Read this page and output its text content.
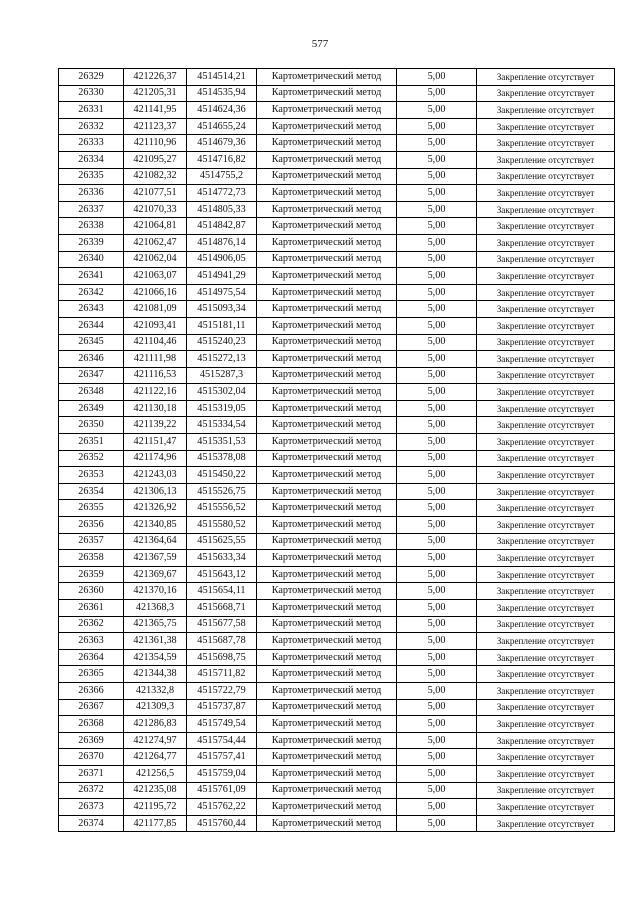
577
26329	421226,37	4514514,21	Картометрический метод	5,00	Закрепление отсутствует
26330	421205,31	4514535,94	Картометрический метод	5,00	Закрепление отсутствует
26331	421141,95	4514624,36	Картометрический метод	5,00	Закрепление отсутствует
26332	421123,37	4514655,24	Картометрический метод	5,00	Закрепление отсутствует
26333	421110,96	4514679,36	Картометрический метод	5,00	Закрепление отсутствует
26334	421095,27	4514716,82	Картометрический метод	5,00	Закрепление отсутствует
26335	421082,32	4514755,2	Картометрический метод	5,00	Закрепление отсутствует
26336	421077,51	4514772,73	Картометрический метод	5,00	Закрепление отсутствует
26337	421070,33	4514805,33	Картометрический метод	5,00	Закрепление отсутствует
26338	421064,81	4514842,87	Картометрический метод	5,00	Закрепление отсутствует
26339	421062,47	4514876,14	Картометрический метод	5,00	Закрепление отсутствует
26340	421062,04	4514906,05	Картометрический метод	5,00	Закрепление отсутствует
26341	421063,07	4514941,29	Картометрический метод	5,00	Закрепление отсутствует
26342	421066,16	4514975,54	Картометрический метод	5,00	Закрепление отсутствует
26343	421081,09	4515093,34	Картометрический метод	5,00	Закрепление отсутствует
26344	421093,41	4515181,11	Картометрический метод	5,00	Закрепление отсутствует
26345	421104,46	4515240,23	Картометрический метод	5,00	Закрепление отсутствует
26346	421111,98	4515272,13	Картометрический метод	5,00	Закрепление отсутствует
26347	421116,53	4515287,3	Картометрический метод	5,00	Закрепление отсутствует
26348	421122,16	4515302,04	Картометрический метод	5,00	Закрепление отсутствует
26349	421130,18	4515319,05	Картометрический метод	5,00	Закрепление отсутствует
26350	421139,22	4515334,54	Картометрический метод	5,00	Закрепление отсутствует
26351	421151,47	4515351,53	Картометрический метод	5,00	Закрепление отсутствует
26352	421174,96	4515378,08	Картометрический метод	5,00	Закрепление отсутствует
26353	421243,03	4515450,22	Картометрический метод	5,00	Закрепление отсутствует
26354	421306,13	4515526,75	Картометрический метод	5,00	Закрепление отсутствует
26355	421326,92	4515556,52	Картометрический метод	5,00	Закрепление отсутствует
26356	421340,85	4515580,52	Картометрический метод	5,00	Закрепление отсутствует
26357	421364,64	4515625,55	Картометрический метод	5,00	Закрепление отсутствует
26358	421367,59	4515633,34	Картометрический метод	5,00	Закрепление отсутствует
26359	421369,67	4515643,12	Картометрический метод	5,00	Закрепление отсутствует
26360	421370,16	4515654,11	Картометрический метод	5,00	Закрепление отсутствует
26361	421368,3	4515668,71	Картометрический метод	5,00	Закрепление отсутствует
26362	421365,75	4515677,58	Картометрический метод	5,00	Закрепление отсутствует
26363	421361,38	4515687,78	Картометрический метод	5,00	Закрепление отсутствует
26364	421354,59	4515698,75	Картометрический метод	5,00	Закрепление отсутствует
26365	421344,38	4515711,82	Картометрический метод	5,00	Закрепление отсутствует
26366	421332,8	4515722,79	Картометрический метод	5,00	Закрепление отсутствует
26367	421309,3	4515737,87	Картометрический метод	5,00	Закрепление отсутствует
26368	421286,83	4515749,54	Картометрический метод	5,00	Закрепление отсутствует
26369	421274,97	4515754,44	Картометрический метод	5,00	Закрепление отсутствует
26370	421264,77	4515757,41	Картометрический метод	5,00	Закрепление отсутствует
26371	421256,5	4515759,04	Картометрический метод	5,00	Закрепление отсутствует
26372	421235,08	4515761,09	Картометрический метод	5,00	Закрепление отсутствует
26373	421195,72	4515762,22	Картометрический метод	5,00	Закрепление отсутствует
26374	421177,85	4515760,44	Картометрический метод	5,00	Закрепление отсутствует
